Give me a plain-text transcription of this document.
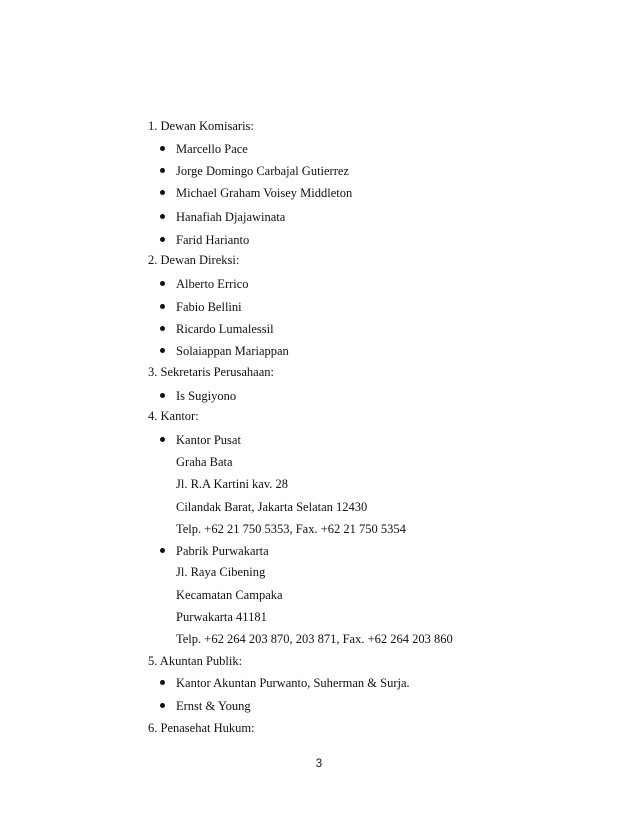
1. Dewan Komisaris:
Marcello Pace
Jorge Domingo Carbajal Gutierrez
Michael Graham Voisey Middleton
Hanafiah Djajawinata
Farid Harianto
2. Dewan Direksi:
Alberto Errico
Fabio Bellini
Ricardo Lumalessil
Solaiappan Mariappan
3. Sekretaris Perusahaan:
Is Sugiyono
4. Kantor:
Kantor Pusat
Graha Bata
Jl. R.A Kartini kav. 28
Cilandak Barat, Jakarta Selatan 12430
Telp. +62 21 750 5353, Fax. +62 21 750 5354
Pabrik Purwakarta
Jl. Raya Cibening
Kecamatan Campaka
Purwakarta 41181
Telp. +62 264 203 870, 203 871, Fax. +62 264 203 860
5. Akuntan Publik:
Kantor Akuntan Purwanto, Suherman & Surja.
Ernst & Young
6. Penasehat Hukum:
3
